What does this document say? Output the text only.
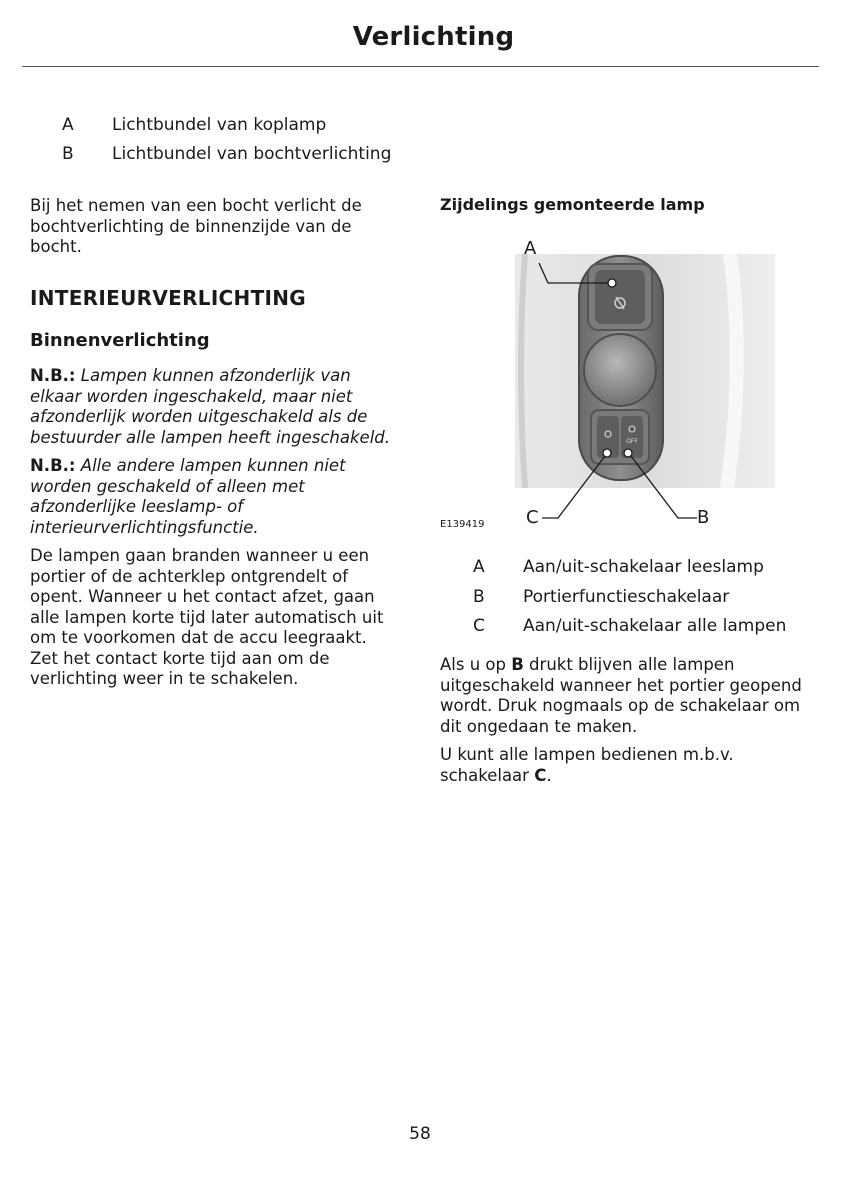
Verlichting
A Lichtbundel van koplamp
B Lichtbundel van bochtverlichting

Bij het nemen van een bocht verlicht de bochtverlichting de binnenzijde van de bocht.

INTERIEURVERLICHTING
Binnenverlichting

N.B.: Lampen kunnen afzonderlijk van elkaar worden ingeschakeld, maar niet afzonderlijk worden uitgeschakeld als de bestuurder alle lampen heeft ingeschakeld.

N.B.: Alle andere lampen kunnen niet worden geschakeld of alleen met afzonderlijke leeslamp- of interieurverlichtingsfunctie.

De lampen gaan branden wanneer u een portier of de achterklep ontgrendelt of opent. Wanneer u het contact afzet, gaan alle lampen korte tijd later automatisch uit om te voorkomen dat de accu leegraakt. Zet het contact korte tijd aan om de verlichting weer in te schakelen.

Zijdelings gemonteerde lamp
OFF
A
C	B
E139419
A Aan/uit-schakelaar leeslamp
B Portierfunctieschakelaar
C Aan/uit-schakelaar alle lampen

Als u op B drukt blijven alle lampen uitgeschakeld wanneer het portier geopend wordt. Druk nogmaals op de schakelaar om dit ongedaan te maken.

U kunt alle lampen bedienen m.b.v. schakelaar C.

58
